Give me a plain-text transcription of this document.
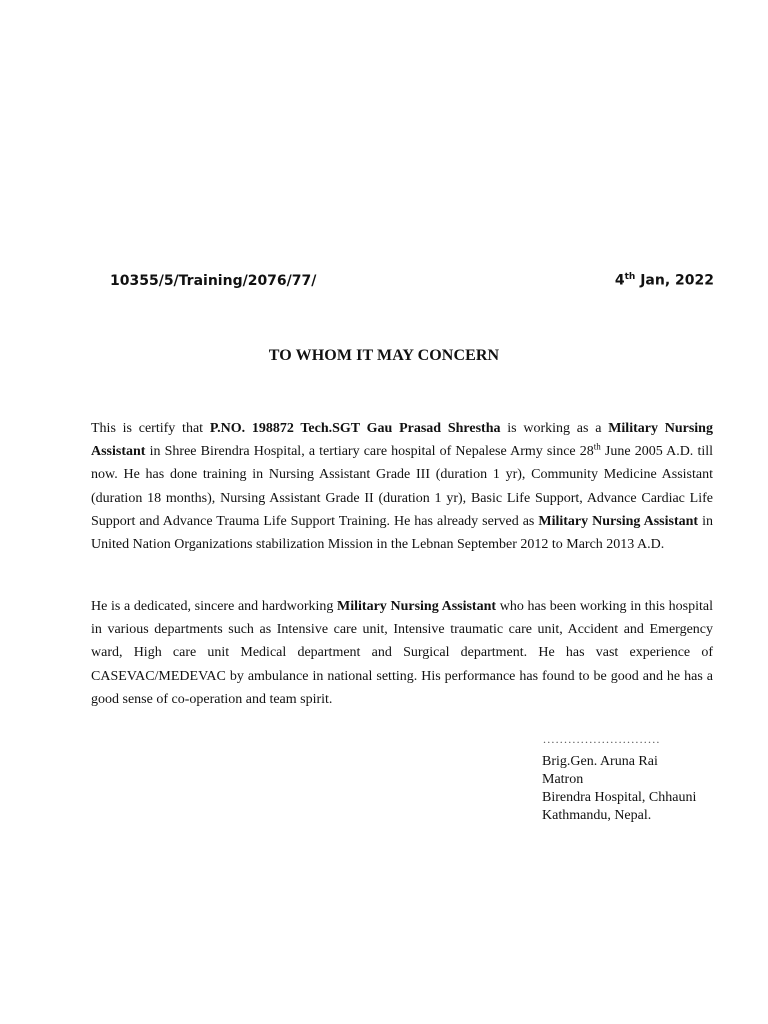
10355/5/Training/2076/77/	4th Jan, 2022
TO WHOM IT MAY CONCERN

This is certify that P.NO. 198872 Tech.SGT Gau Prasad Shrestha is working as a Military Nursing Assistant in Shree Birendra Hospital, a tertiary care hospital of Nepalese Army since 28th June 2005 A.D. till now. He has done training in Nursing Assistant Grade III (duration 1 yr), Community Medicine Assistant (duration 18 months), Nursing Assistant Grade II (duration 1 yr), Basic Life Support, Advance Cardiac Life Support and Advance Trauma Life Support Training. He has already served as Military Nursing Assistant in United Nation Organizations stabilization Mission in the Lebnan September 2012 to March 2013 A.D.

He is a dedicated, sincere and hardworking Military Nursing Assistant who has been working in this hospital in various departments such as Intensive care unit, Intensive traumatic care unit, Accident and Emergency ward, High care unit Medical department and Surgical department. He has vast experience of CASEVAC/MEDEVAC by ambulance in national setting. His performance has found to be good and he has a good sense of co-operation and team spirit.

............................
Brig.Gen. Aruna Rai
Matron
Birendra Hospital, Chhauni
Kathmandu, Nepal.
